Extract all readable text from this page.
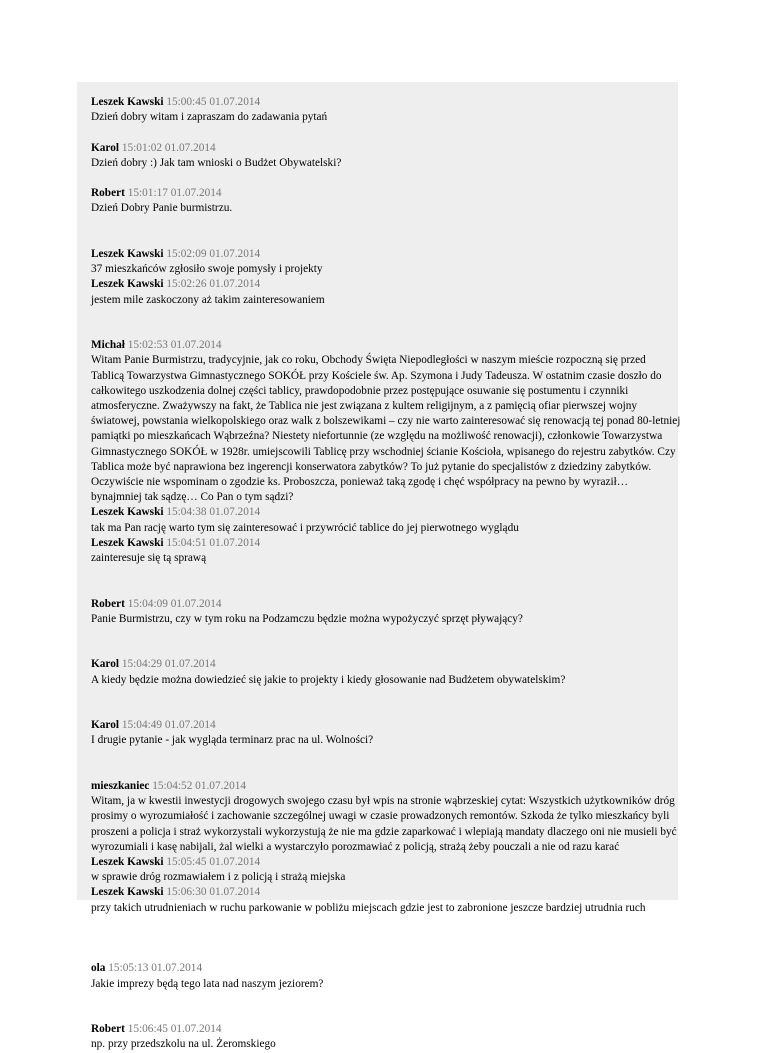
Leszek Kawski 15:00:45 01.07.2014
Dzień dobry witam i zapraszam do zadawania pytań
Karol 15:01:02 01.07.2014
Dzień dobry :) Jak tam wnioski o Budżet Obywatelski?
Robert 15:01:17 01.07.2014
Dzień Dobry Panie burmistrzu.
Leszek Kawski 15:02:09 01.07.2014
37 mieszkańców zgłosiło swoje pomysły i projekty
Leszek Kawski 15:02:26 01.07.2014
jestem mile zaskoczony aż takim zainteresowaniem
Michał 15:02:53 01.07.2014
Witam Panie Burmistrzu, tradycyjnie, jak co roku, Obchody Święta Niepodległości w naszym mieście rozpoczną się przed Tablicą Towarzystwa Gimnastycznego SOKÓŁ przy Kościele św. Ap. Szymona i Judy Tadeusza. W ostatnim czasie doszło do całkowitego uszkodzenia dolnej części tablicy, prawdopodobnie przez postępujące osuwanie się postumentu i czynniki atmosferyczne. Zważywszy na fakt, że Tablica nie jest związana z kultem religijnym, a z pamięcią ofiar pierwszej wojny światowej, powstania wielkopolskiego oraz walk z bolszewikami – czy nie warto zainteresować się renowacją tej ponad 80-letniej pamiątki po mieszkańcach Wąbrzeźna? Niestety niefortunnie (ze względu na możliwość renowacji), członkowie Towarzystwa Gimnastycznego SOKÓŁ w 1928r. umiejscowili Tablicę przy wschodniej ścianie Kościoła, wpisanego do rejestru zabytków. Czy Tablica może być naprawiona bez ingerencji konserwatora zabytków? To już pytanie do specjalistów z dziedziny zabytków. Oczywiście nie wspominam o zgodzie ks. Proboszcza, ponieważ taką zgodę i chęć współpracy na pewno by wyraził… bynajmniej tak sądzę… Co Pan o tym sądzi?
Leszek Kawski 15:04:38 01.07.2014
tak ma Pan rację warto tym się zainteresować i przywrócić tablice do jej pierwotnego wyglądu
Leszek Kawski 15:04:51 01.07.2014
zainteresuje się tą sprawą
Robert 15:04:09 01.07.2014
Panie Burmistrzu, czy w tym roku na Podzamczu będzie można wypożyczyć sprzęt pływający?
Karol 15:04:29 01.07.2014
A kiedy będzie można dowiedzieć się jakie to projekty i kiedy głosowanie nad Budżetem obywatelskim?
Karol 15:04:49 01.07.2014
I drugie pytanie - jak wygląda terminarz prac na ul. Wolności?
mieszkaniec 15:04:52 01.07.2014
Witam, ja w kwestii inwestycji drogowych swojego czasu był wpis na stronie wąbrzeskiej cytat: Wszystkich użytkowników dróg prosimy o wyrozumiałość i zachowanie szczególnej uwagi w czasie prowadzonych remontów. Szkoda że tylko mieszkańcy byli proszeni a policja i straż wykorzystali wykorzystują że nie ma gdzie zaparkować i wlepiają mandaty dlaczego oni nie musieli być wyrozumiali i kasę nabijali, żal wielki a wystarczyło porozmawiać z policją, strażą żeby pouczali a nie od razu karać
Leszek Kawski 15:05:45 01.07.2014
w sprawie dróg rozmawiałem i z policją i strażą miejska
Leszek Kawski 15:06:30 01.07.2014
przy takich utrudnieniach w ruchu parkowanie w pobliżu miejscach gdzie jest to zabronione jeszcze bardziej utrudnia ruch
ola 15:05:13 01.07.2014
Jakie imprezy będą tego lata nad naszym jeziorem?
Robert 15:06:45 01.07.2014
np. przy przedszkolu na ul. Żeromskiego
